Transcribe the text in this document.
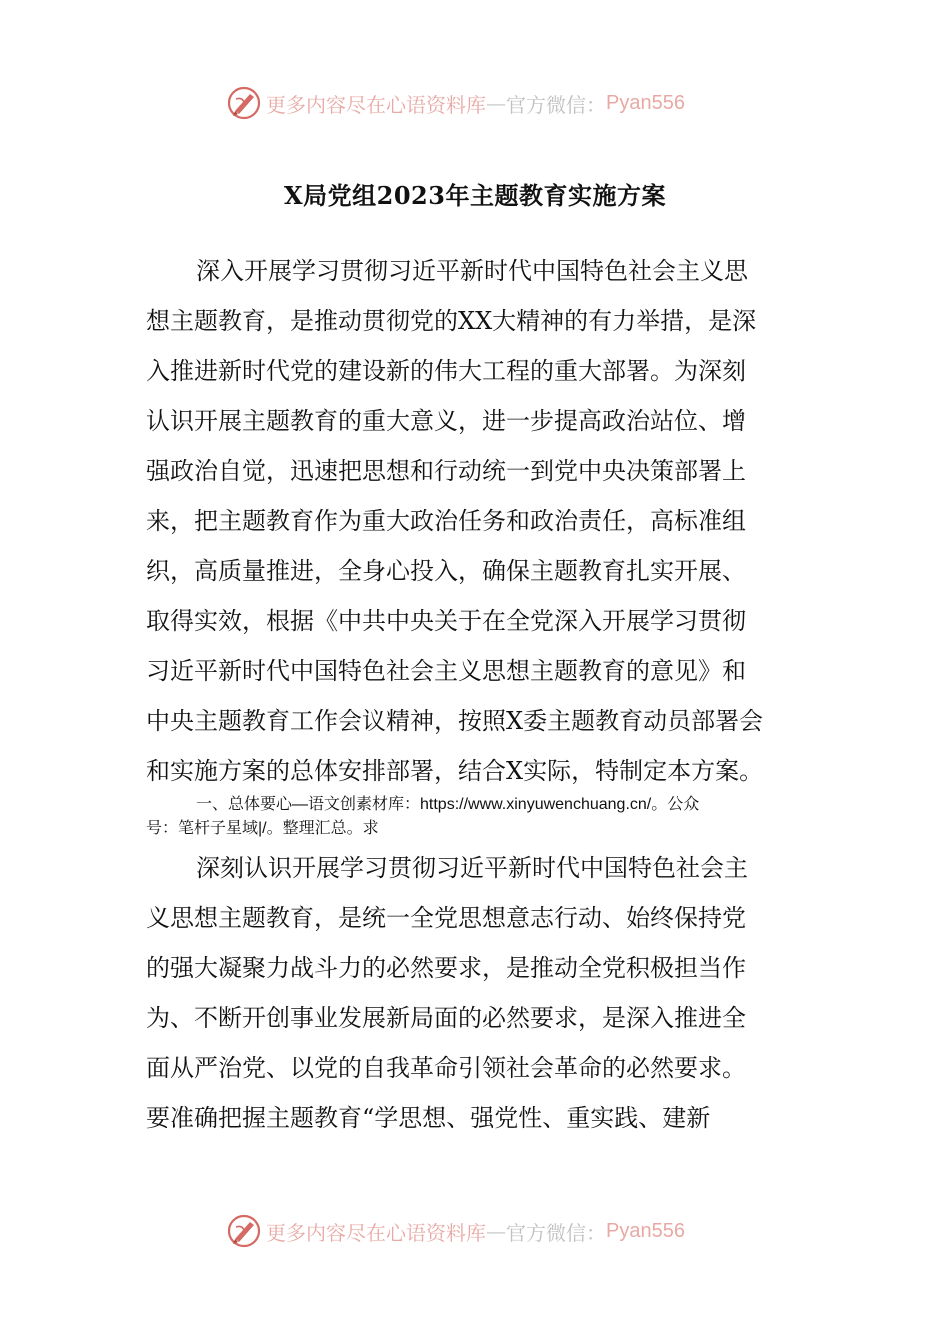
更多内容尽在心语资料库 — 官方微信： Pyan556
X局党组2023年主题教育实施方案
深入开展学习贯彻习近平新时代中国特色社会主义思
想主题教育，是推动贯彻党的XX大精神的有力举措，是深
入推进新时代党的建设新的伟大工程的重大部署。为深刻
认识开展主题教育的重大意义，进一步提高政治站位、增
强政治自觉，迅速把思想和行动统一到党中央决策部署上
来，把主题教育作为重大政治任务和政治责任，高标准组
织，高质量推进，全身心投入，确保主题教育扎实开展、
取得实效，根据《中共中央关于在全党深入开展学习贯彻
习近平新时代中国特色社会主义思想主题教育的意见》和
中央主题教育工作会议精神，按照X委主题教育动员部署会
和实施方案的总体安排部署，结合X实际，特制定本方案。
一、总体要心—语文创素材库：https://www.xinyuwenchuang.cn/。公众
号：笔杆子星域|/。整理汇总。求
深刻认识开展学习贯彻习近平新时代中国特色社会主
义思想主题教育，是统一全党思想意志行动、始终保持党
的强大凝聚力战斗力的必然要求，是推动全党积极担当作
为、不断开创事业发展新局面的必然要求，是深入推进全
面从严治党、以党的自我革命引领社会革命的必然要求。
要准确把握主题教育“学思想、强党性、重实践、建新
更多内容尽在心语资料库 — 官方微信： Pyan556
